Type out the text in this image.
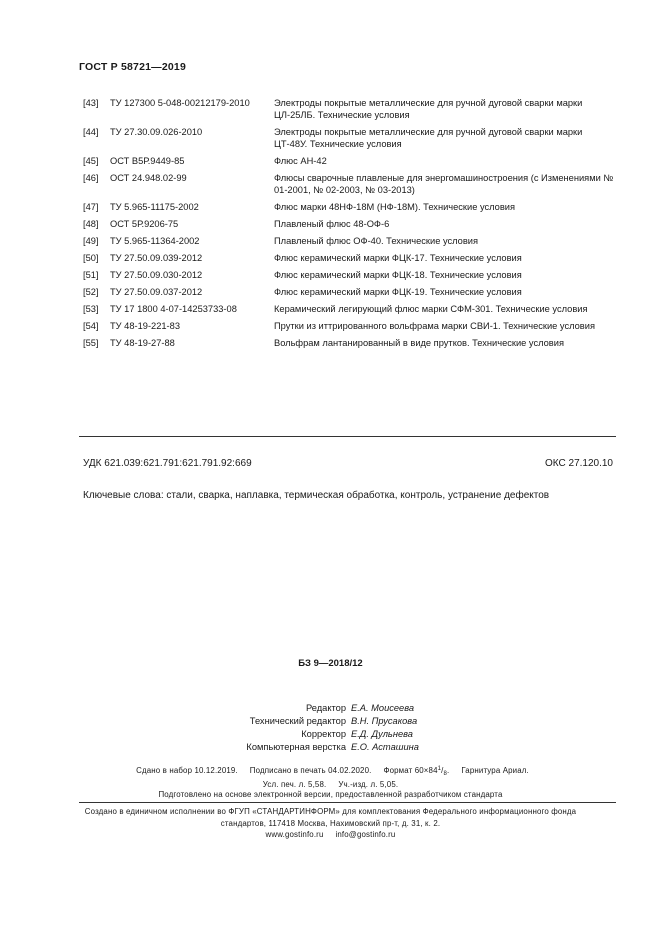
ГОСТ Р 58721—2019
[43] ТУ 127300 5-048-00212179-2010	Электроды покрытые металлические для ручной дуговой сварки марки ЦЛ-25ЛБ. Технические условия
[44] ТУ 27.30.09.026-2010	Электроды покрытые металлические для ручной дуговой сварки марки ЦТ-48У. Технические условия
[45] ОСТ В5Р.9449-85	Флюс АН-42
[46] ОСТ 24.948.02-99	Флюсы сварочные плавленые для энергомашиностроения (с Изменениями № 01-2001, № 02-2003, № 03-2013)
[47] ТУ 5.965-11175-2002	Флюс марки 48НФ-18М (НФ-18М). Технические условия
[48] ОСТ 5Р.9206-75	Плавленый флюс 48-ОФ-6
[49] ТУ 5.965-11364-2002	Плавленый флюс ОФ-40. Технические условия
[50] ТУ 27.50.09.039-2012	Флюс керамический марки ФЦК-17. Технические условия
[51] ТУ 27.50.09.030-2012	Флюс керамический марки ФЦК-18. Технические условия
[52] ТУ 27.50.09.037-2012	Флюс керамический марки ФЦК-19. Технические условия
[53] ТУ 17 1800 4-07-14253733-08	Керамический легирующий флюс марки СФМ-301. Технические условия
[54] ТУ 48-19-221-83	Прутки из иттрированного вольфрама марки СВИ-1. Технические условия
[55] ТУ 48-19-27-88	Вольфрам лантанированный в виде прутков. Технические условия
УДК 621.039:621.791:621.791.92:669	ОКС 27.120.10
Ключевые слова: стали, сварка, наплавка, термическая обработка, контроль, устранение дефектов
БЗ 9—2018/12
Редактор Е.А. Моисеева
Технический редактор В.Н. Прусакова
Корректор Е.Д. Дульнева
Компьютерная верстка Е.О. Асташина
Сдано в набор 10.12.2019. Подписано в печать 04.02.2020. Формат $60\times 84^1/_8$. Гарнитура Ариал.
Усл. печ. л. 5,58. Уч.-изд. л. 5,05.
Подготовлено на основе электронной версии, предоставленной разработчиком стандарта
Создано в единичном исполнении во ФГУП «СТАНДАРТИНФОРМ» для комплектования Федерального информационного фонда
стандартов, 117418 Москва, Нахимовский пр-т, д. 31, к. 2.
www.gostinfo.ru info@gostinfo.ru
